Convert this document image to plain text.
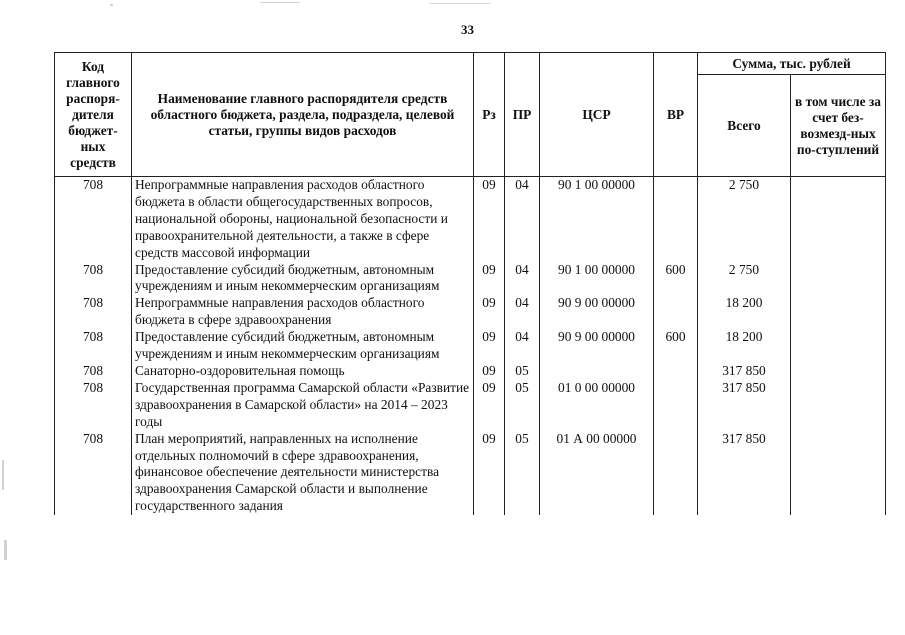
33
Код главного распоря-дителя бюджет-ных средств	Наименование главного распорядителя средств областного бюджета, раздела, подраздела, целевой статьи, группы видов расходов	Рз	ПР	ЦСР	ВР	Сумма, тыс. рублей	
						Всего	в том числе за счет без-возмезд-ных по-ступлений
708	Непрограммные направления расходов областного бюджета в области общегосударственных вопросов, национальной обороны, национальной безопасности и правоохранительной деятельности, а также в сфере средств массовой информации	09	04	90 1 00 00000		2 750	
708	Предоставление субсидий бюджетным, автономным учреждениям и иным некоммерческим организациям	09	04	90 1 00 00000	600	2 750	
708	Непрограммные направления расходов областного бюджета в сфере здравоохранения	09	04	90 9 00 00000		18 200	
708	Предоставление субсидий бюджетным, автономным учреждениям и иным некоммерческим организациям	09	04	90 9 00 00000	600	18 200	
708	Санаторно-оздоровительная помощь	09	05			317 850	
708	Государственная программа Самарской области «Развитие здравоохранения в Самарской области» на 2014 – 2023 годы	09	05	01 0 00 00000		317 850	
708	План мероприятий, направленных на исполнение отдельных полномочий в сфере здравоохранения, финансовое обеспечение деятельности министерства здравоохранения Самарской области и выполнение государственного задания	09	05	01 А 00 00000		317 850	
